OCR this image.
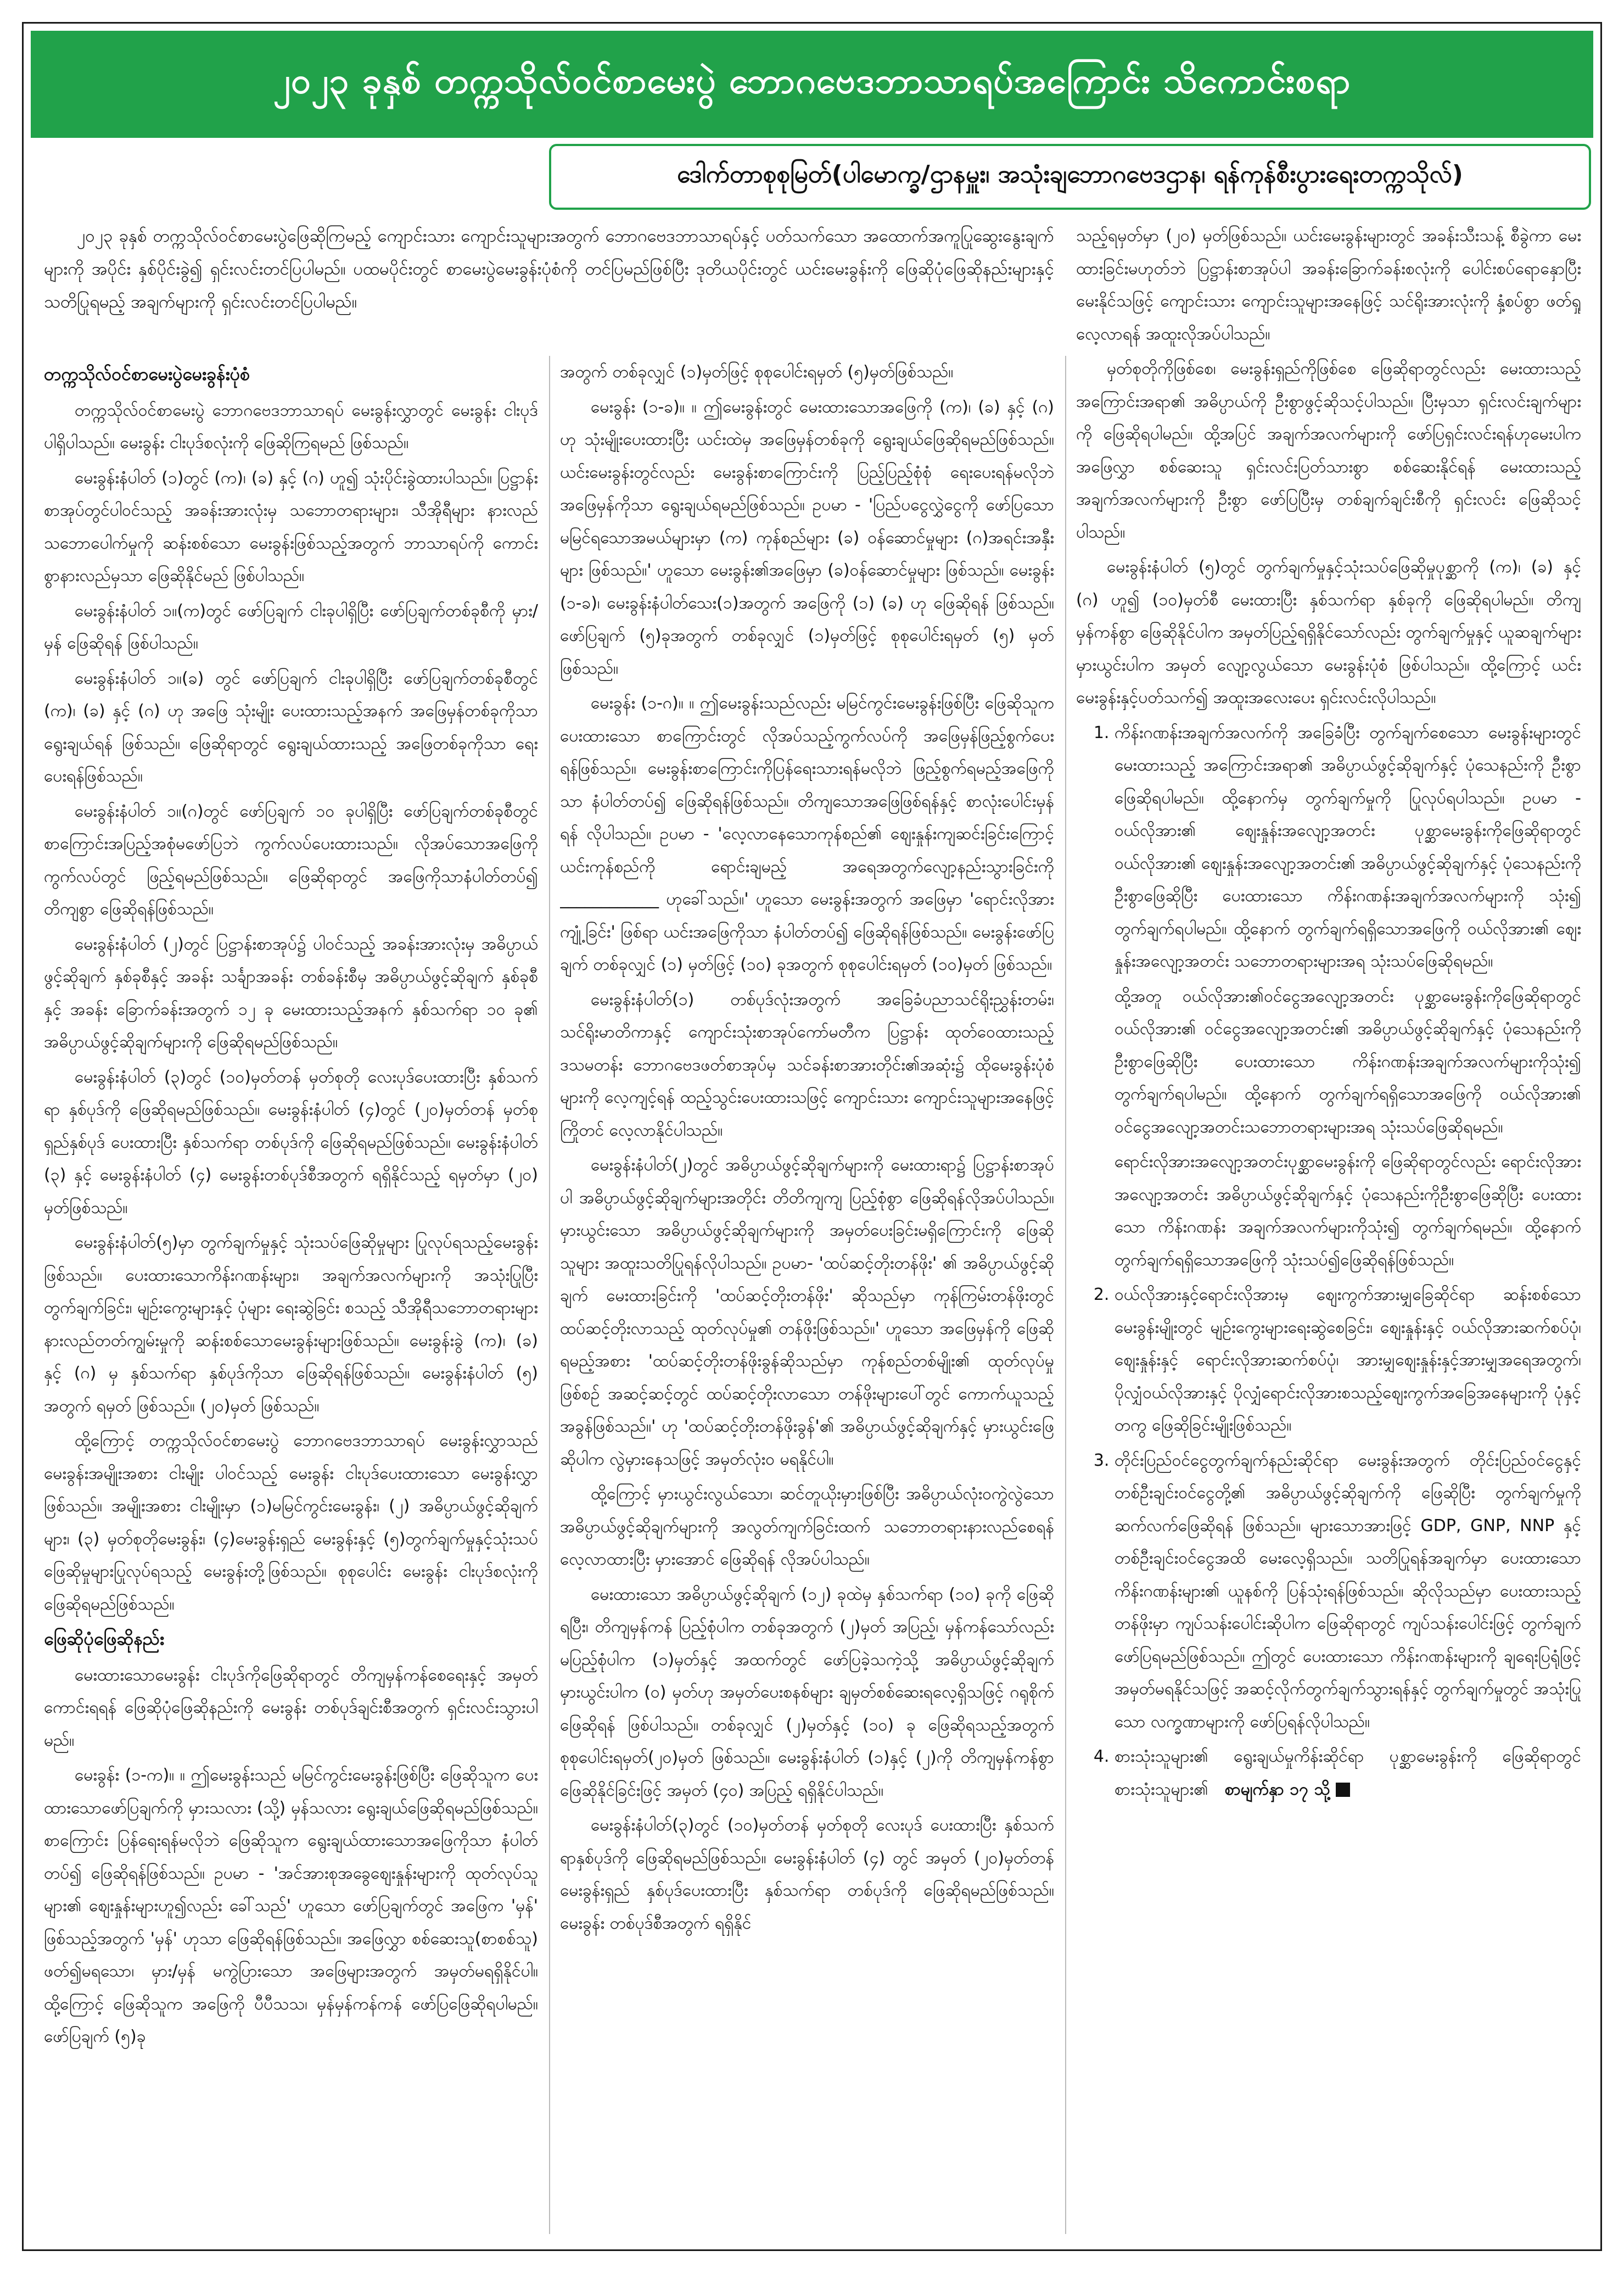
၂၀၂၃ ခုနှစ် တက္ကသိုလ်ဝင်စာမေးပွဲ ဘောဂဗေဒဘာသာရပ်အကြောင်း သိကောင်းစရာ
ဒေါက်တာစုစုမြတ်(ပါမောက္ခ/ဌာနမှူး၊ အသုံးချဘောဂဗေဒဌာန၊ ရန်ကုန်စီးပွားရေးတက္ကသိုလ်)
၂၀၂၃ ခုနှစ် တက္ကသိုလ်ဝင်စာမေးပွဲဖြေဆိုကြမည့် ကျောင်းသား ကျောင်းသူများအတွက် ဘောဂဗေဒဘာသာရပ်နှင့် ပတ်သက်သော အထောက်အကူပြုဆွေးနွေးချက်များကို အပိုင်း နှစ်ပိုင်းခွဲ၍ ရှင်းလင်းတင်ပြပါမည်။ ပထမပိုင်းတွင် စာမေးပွဲမေးခွန်းပုံစံကို တင်ပြမည်ဖြစ်ပြီး ဒုတိယပိုင်းတွင် ယင်းမေးခွန်းကို ဖြေဆိုပုံဖြေဆိုနည်းများနှင့် သတိပြုရမည့် အချက်များကို ရှင်းလင်းတင်ပြပါမည်။
တက္ကသိုလ်ဝင်စာမေးပွဲမေးခွန်းပုံစံ

တက္ကသိုလ်ဝင်စာမေးပွဲ ဘောဂဗေဒဘာသာရပ် မေးခွန်းလွှာတွင် မေးခွန်း ငါးပုဒ် ပါရှိပါသည်။ မေးခွန်း ငါးပုဒ်စလုံးကို ဖြေဆိုကြရမည် ဖြစ်သည်။

မေးခွန်းနံပါတ် (၁)တွင် (က)၊ (ခ) နှင့် (ဂ) ဟူ၍ သုံးပိုင်းခွဲထားပါသည်။ ပြဋ္ဌာန်းစာအုပ်တွင်ပါဝင်သည့် အခန်းအားလုံးမှ သဘောတရားများ၊ သီအိုရီများ နားလည်သဘောပေါက်မှုကို ဆန်းစစ်သော မေးခွန်းဖြစ်သည့်အတွက် ဘာသာရပ်ကို ကောင်းစွာနားလည်မှသာ ဖြေဆိုနိုင်မည် ဖြစ်ပါသည်။

မေးခွန်းနံပါတ် ၁။(က)တွင် ဖော်ပြချက် ငါးခုပါရှိပြီး ဖော်ပြချက်တစ်ခုစီကို မှား/မှန် ဖြေဆိုရန် ဖြစ်ပါသည်။

မေးခွန်းနံပါတ် ၁။(ခ) တွင် ဖော်ပြချက် ငါးခုပါရှိပြီး ဖော်ပြချက်တစ်ခုစီတွင် (က)၊ (ခ) နှင့် (ဂ) ဟု အဖြေ သုံးမျိုး ပေးထားသည့်အနက် အဖြေမှန်တစ်ခုကိုသာ ရွေးချယ်ရန် ဖြစ်သည်။ ဖြေဆိုရာတွင် ရွေးချယ်ထားသည့် အဖြေတစ်ခုကိုသာ ရေးပေးရန်ဖြစ်သည်။

မေးခွန်းနံပါတ် ၁။(ဂ)တွင် ဖော်ပြချက် ၁၀ ခုပါရှိပြီး ဖော်ပြချက်တစ်ခုစီတွင် စာကြောင်းအပြည့်အစုံမဖော်ပြဘဲ ကွက်လပ်ပေးထားသည်။ လိုအပ်သောအဖြေကို ကွက်လပ်တွင် ဖြည့်ရမည်ဖြစ်သည်။ ဖြေဆိုရာတွင် အဖြေကိုသာနံပါတ်တပ်၍ တိကျစွာ ဖြေဆိုရန်ဖြစ်သည်။

မေးခွန်းနံပါတ် (၂)တွင် ပြဋ္ဌာန်းစာအုပ်၌ ပါဝင်သည့် အခန်းအားလုံးမှ အဓိပ္ပာယ်ဖွင့်ဆိုချက် နှစ်ခုစီနှင့် အခန်း သင်္ချာအခန်း တစ်ခန်းစီမှ အဓိပ္ပာယ်ဖွင့်ဆိုချက် နှစ်ခုစီနှင့် အခန်း ခြောက်ခန်းအတွက် ၁၂ ခု မေးထားသည့်အနက် နှစ်သက်ရာ ၁၀ ခု၏ အဓိပ္ပာယ်ဖွင့်ဆိုချက်များကို ဖြေဆိုရမည်ဖြစ်သည်။

မေးခွန်းနံပါတ် (၃)တွင် (၁၀)မှတ်တန် မှတ်စုတို လေးပုဒ်ပေးထားပြီး နှစ်သက်ရာ နှစ်ပုဒ်ကို ဖြေဆိုရမည်ဖြစ်သည်။ မေးခွန်းနံပါတ် (၄)တွင် (၂၀)မှတ်တန် မှတ်စုရှည်နှစ်ပုဒ် ပေးထားပြီး နှစ်သက်ရာ တစ်ပုဒ်ကို ဖြေဆိုရမည်ဖြစ်သည်။ မေးခွန်းနံပါတ် (၃) နှင့် မေးခွန်းနံပါတ် (၄) မေးခွန်းတစ်ပုဒ်စီအတွက် ရရှိနိုင်သည့် ရမှတ်မှာ (၂၀) မှတ်ဖြစ်သည်။

မေးခွန်းနံပါတ်(၅)မှာ တွက်ချက်မှုနှင့် သုံးသပ်ဖြေဆိုမှုများ ပြုလုပ်ရသည့်မေးခွန်းဖြစ်သည်။ ပေးထားသောကိန်းဂဏန်းများ၊ အချက်အလက်များကို အသုံးပြုပြီး တွက်ချက်ခြင်း၊ မျဉ်းကွေးများနှင့် ပုံများ ရေးဆွဲခြင်း စသည့် သီအိုရီသဘောတရားများ နားလည်တတ်ကျွမ်းမှုကို ဆန်းစစ်သောမေးခွန်းများဖြစ်သည်။ မေးခွန်းခွဲ (က)၊ (ခ) နှင့် (ဂ) မှ နှစ်သက်ရာ နှစ်ပုဒ်ကိုသာ ဖြေဆိုရန်ဖြစ်သည်။ မေးခွန်းနံပါတ် (၅) အတွက် ရမှတ် ဖြစ်သည်။ (၂၀)မှတ် ဖြစ်သည်။

ထို့ကြောင့် တက္ကသိုလ်ဝင်စာမေးပွဲ ဘောဂဗေဒဘာသာရပ် မေးခွန်းလွှာသည် မေးခွန်းအမျိုးအစား ငါးမျိုး ပါဝင်သည့် မေးခွန်း ငါးပုဒ်ပေးထားသော မေးခွန်းလွှာဖြစ်သည်။ အမျိုးအစား ငါးမျိုးမှာ (၁)မမြင်ကွင်းမေးခွန်း၊ (၂) အဓိပ္ပာယ်ဖွင့်ဆိုချက်များ၊ (၃) မှတ်စုတိုမေးခွန်း၊ (၄)မေးခွန်းရှည် မေးခွန်းနှင့် (၅)တွက်ချက်မှုနှင့်သုံးသပ်ဖြေဆိုမှုများပြုလုပ်ရသည့် မေးခွန်းတို့ဖြစ်သည်။ စုစုပေါင်း မေးခွန်း ငါးပုဒ်စလုံးကို ဖြေဆိုရမည်ဖြစ်သည်။

ဖြေဆိုပုံဖြေဆိုနည်း

မေးထားသောမေးခွန်း ငါးပုဒ်ကိုဖြေဆိုရာတွင် တိကျမှန်ကန်စေရေးနှင့် အမှတ်ကောင်းရရန် ဖြေဆိုပုံဖြေဆိုနည်းကို မေးခွန်း တစ်ပုဒ်ချင်းစီအတွက် ရှင်းလင်းသွားပါမည်။

မေးခွန်း (၁-က)။ ။ ဤမေးခွန်းသည် မမြင်ကွင်းမေးခွန်းဖြစ်ပြီး ဖြေဆိုသူက ပေးထားသောဖော်ပြချက်ကို မှားသလား (သို့) မှန်သလား ရွေးချယ်ဖြေဆိုရမည်ဖြစ်သည်။ စာကြောင်း ပြန်ရေးရန်မလိုဘဲ ဖြေဆိုသူက ရွေးချယ်ထားသောအဖြေကိုသာ နံပါတ်တပ်၍ ဖြေဆိုရန်ဖြစ်သည်။ ဥပမာ - 'အင်အားစုအခွေစျေးနှုန်းများကို ထုတ်လုပ်သူများ၏ စျေးနှုန်းများဟူ၍လည်း ခေါ်သည်' ဟူသော ဖော်ပြချက်တွင် အဖြေက 'မှန်' ဖြစ်သည့်အတွက် 'မှန်' ဟုသာ ဖြေဆိုရန်ဖြစ်သည်။ အဖြေလွှာ စစ်ဆေးသူ(စာစစ်သူ) ဖတ်၍မရသော၊ မှား/မှန် မကွဲပြားသော အဖြေများအတွက် အမှတ်မရရှိနိုင်ပါ။ ထို့ကြောင့် ဖြေဆိုသူက အဖြေကို ပီပီသသ၊ မှန်မှန်ကန်ကန် ဖော်ပြဖြေဆိုရပါမည်။ ဖော်ပြချက် (၅)ခု

အတွက် တစ်ခုလျှင် (၁)မှတ်ဖြင့် စုစုပေါင်းရမှတ် (၅)မှတ်ဖြစ်သည်။

မေးခွန်း (၁-ခ)။ ။ ဤမေးခွန်းတွင် မေးထားသောအဖြေကို (က)၊ (ခ) နှင့် (ဂ) ဟု သုံးမျိုးပေးထားပြီး ယင်းထဲမှ အဖြေမှန်တစ်ခုကို ရွေးချယ်ဖြေဆိုရမည်ဖြစ်သည်။ ယင်းမေးခွန်းတွင်လည်း မေးခွန်းစာကြောင်းကို ပြည့်ပြည့်စုံစုံ ရေးပေးရန်မလိုဘဲ အဖြေမှန်ကိုသာ ရွေးချယ်ရမည်ဖြစ်သည်။ ဥပမာ - 'ပြည်ပငွေလွှဲငွေကို ဖော်ပြသော မမြင်ရသောအမယ်များမှာ (က) ကုန်စည်များ (ခ) ဝန်ဆောင်မှုများ (ဂ)အရင်းအနှီးများ ဖြစ်သည်။' ဟူသော မေးခွန်း၏အဖြေမှာ (ခ)ဝန်ဆောင်မှုများ ဖြစ်သည်။ မေးခွန်း (၁-ခ)၊ မေးခွန်းနံပါတ်သေး(၁)အတွက် အဖြေကို (၁) (ခ) ဟု ဖြေဆိုရန် ဖြစ်သည်။ ဖော်ပြချက် (၅)ခုအတွက် တစ်ခုလျှင် (၁)မှတ်ဖြင့် စုစုပေါင်းရမှတ် (၅) မှတ် ဖြစ်သည်။

မေးခွန်း (၁-ဂ)။ ။ ဤမေးခွန်းသည်လည်း မမြင်ကွင်းမေးခွန်းဖြစ်ပြီး ဖြေဆိုသူက ပေးထားသော စာကြောင်းတွင် လိုအပ်သည့်ကွက်လပ်ကို အဖြေမှန်ဖြည့်စွက်ပေးရန်ဖြစ်သည်။ မေးခွန်းစာကြောင်းကိုပြန်ရေးသားရန်မလိုဘဲ ဖြည့်စွက်ရမည့်အဖြေကိုသာ နံပါတ်တပ်၍ ဖြေဆိုရန်ဖြစ်သည်။ တိကျသောအဖြေဖြစ်ရန်နှင့် စာလုံးပေါင်းမှန်ရန် လိုပါသည်။ ဥပမာ - 'လေ့လာနေသောကုန်စည်၏ စျေးနှုန်းကျဆင်းခြင်းကြောင့် ယင်းကုန်စည်ကို ရောင်းချမည့် အရေအတွက်လျော့နည်းသွားခြင်းကို ____________ ဟုခေါ်သည်။' ဟူသော မေးခွန်းအတွက် အဖြေမှာ 'ရောင်းလိုအားကျုံ့ခြင်း' ဖြစ်ရာ ယင်းအဖြေကိုသာ နံပါတ်တပ်၍ ဖြေဆိုရန်ဖြစ်သည်။ မေးခွန်းဖော်ပြချက် တစ်ခုလျှင် (၁) မှတ်ဖြင့် (၁၀) ခုအတွက် စုစုပေါင်းရမှတ် (၁၀)မှတ် ဖြစ်သည်။

မေးခွန်းနံပါတ်(၁) တစ်ပုဒ်လုံးအတွက် အခြေခံပညာသင်ရိုးညွှန်းတမ်း၊ သင်ရိုးမာတိကာနှင့် ကျောင်းသုံးစာအုပ်ကော်မတီက ပြဋ္ဌာန်း ထုတ်ဝေထားသည့် ဒသမတန်း ဘောဂဗေဒဖတ်စာအုပ်မှ သင်ခန်းစာအားတိုင်း၏အဆုံး၌ ထိုမေးခွန်းပုံစံများကို လေ့ကျင့်ရန် ထည့်သွင်းပေးထားသဖြင့် ကျောင်းသား ကျောင်းသူများအနေဖြင့် ကြိုတင် လေ့လာနိုင်ပါသည်။

မေးခွန်းနံပါတ်(၂)တွင် အဓိပ္ပာယ်ဖွင့်ဆိုချက်များကို မေးထားရာ၌ ပြဋ္ဌာန်းစာအုပ်ပါ အဓိပ္ပာယ်ဖွင့်ဆိုချက်များအတိုင်း တိတိကျကျ ပြည့်စုံစွာ ဖြေဆိုရန်လိုအပ်ပါသည်။ မှားယွင်းသော အဓိပ္ပာယ်ဖွင့်ဆိုချက်များကို အမှတ်ပေးခြင်းမရှိကြောင်းကို ဖြေဆိုသူများ အထူးသတိပြုရန်လိုပါသည်။ ဥပမာ- 'ထပ်ဆင့်တိုးတန်ဖိုး' ၏ အဓိပ္ပာယ်ဖွင့်ဆိုချက် မေးထားခြင်းကို 'ထပ်ဆင့်တိုးတန်ဖိုး' ဆိုသည်မှာ ကုန်ကြမ်းတန်ဖိုးတွင် ထပ်ဆင့်တိုးလာသည့် ထုတ်လုပ်မှု၏ တန်ဖိုးဖြစ်သည်။' ဟူသော အဖြေမှန်ကို ဖြေဆိုရမည့်အစား 'ထပ်ဆင့်တိုးတန်ဖိုးခွန်ဆိုသည်မှာ ကုန်စည်တစ်မျိုး၏ ထုတ်လုပ်မှုဖြစ်စဉ် အဆင့်ဆင့်တွင် ထပ်ဆင့်တိုးလာသော တန်ဖိုးများပေါ်တွင် ကောက်ယူသည့် အခွန်ဖြစ်သည်။' ဟု 'ထပ်ဆင့်တိုးတန်ဖိုးခွန်'၏ အဓိပ္ပာယ်ဖွင့်ဆိုချက်နှင့် မှားယွင်းဖြေဆိုပါက လွဲမှားနေသဖြင့် အမှတ်လုံးဝ မရနိုင်ပါ။

ထို့ကြောင့် မှားယွင်းလွယ်သော၊ ဆင်တူယိုးမှားဖြစ်ပြီး အဓိပ္ပာယ်လုံးဝကွဲလွဲသော အဓိပ္ပာယ်ဖွင့်ဆိုချက်များကို အလွတ်ကျက်ခြင်းထက် သဘောတရားနားလည်စေရန် လေ့လာထားပြီး မှားအောင် ဖြေဆိုရန် လိုအပ်ပါသည်။

မေးထားသော အဓိပ္ပာယ်ဖွင့်ဆိုချက် (၁၂) ခုထဲမှ နှစ်သက်ရာ (၁၀) ခုကို ဖြေဆိုရပြီး၊ တိကျမှန်ကန် ပြည့်စုံပါက တစ်ခုအတွက် (၂)မှတ် အပြည့်၊ မှန်ကန်သော်လည်း မပြည့်စုံပါက (၁)မှတ်နှင့် အထက်တွင် ဖော်ပြခဲ့သကဲ့သို့ အဓိပ္ပာယ်ဖွင့်ဆိုချက် မှားယွင်းပါက (၀) မှတ်ဟု အမှတ်ပေးစနစ်များ ချမှတ်စစ်ဆေးရလေ့ရှိသဖြင့် ဂရုစိုက်ဖြေဆိုရန် ဖြစ်ပါသည်။ တစ်ခုလျှင် (၂)မှတ်နှင့် (၁၀) ခု ဖြေဆိုရသည့်အတွက် စုစုပေါင်းရမှတ်(၂၀)မှတ် ဖြစ်သည်။ မေးခွန်းနံပါတ် (၁)နှင့် (၂)ကို တိကျမှန်ကန်စွာ ဖြေဆိုနိုင်ခြင်းဖြင့် အမှတ် (၄၀) အပြည့် ရရှိနိုင်ပါသည်။

မေးခွန်းနံပါတ်(၃)တွင် (၁၀)မှတ်တန် မှတ်စုတို လေးပုဒ် ပေးထားပြီး နှစ်သက်ရာနှစ်ပုဒ်ကို ဖြေဆိုရမည်ဖြစ်သည်။ မေးခွန်းနံပါတ် (၄) တွင် အမှတ် (၂၀)မှတ်တန် မေးခွန်းရှည် နှစ်ပုဒ်ပေးထားပြီး နှစ်သက်ရာ တစ်ပုဒ်ကို ဖြေဆိုရမည်ဖြစ်သည်။ မေးခွန်း တစ်ပုဒ်စီအတွက် ရရှိနိုင်

သည့်ရမှတ်မှာ (၂၀) မှတ်ဖြစ်သည်။ ယင်းမေးခွန်းများတွင် အခန်းသီးသန့် စီခွဲကာ မေးထားခြင်းမဟုတ်ဘဲ ပြဋ္ဌာန်းစာအုပ်ပါ အခန်းခြောက်ခန်းစလုံးကို ပေါင်းစပ်ရောနှောပြီး မေးနိုင်သဖြင့် ကျောင်းသား ကျောင်းသူများအနေဖြင့် သင်ရိုးအားလုံးကို နှံ့စပ်စွာ ဖတ်ရှုလေ့လာရန် အထူးလိုအပ်ပါသည်။

မှတ်စုတိုကိုဖြစ်စေ၊ မေးခွန်းရှည်ကိုဖြစ်စေ ဖြေဆိုရာတွင်လည်း မေးထားသည့် အကြောင်းအရာ၏ အဓိပ္ပာယ်ကို ဦးစွာဖွင့်ဆိုသင့်ပါသည်။ ပြီးမှသာ ရှင်းလင်းချက်များကို ဖြေဆိုရပါမည်။ ထို့အပြင် အချက်အလက်များကို ဖော်ပြရှင်းလင်းရန်ဟုမေးပါက အဖြေလွှာ စစ်ဆေးသူ ရှင်းလင်းပြတ်သားစွာ စစ်ဆေးနိုင်ရန် မေးထားသည့် အချက်အလက်များကို ဦးစွာ ဖော်ပြပြီးမှ တစ်ချက်ချင်းစီကို ရှင်းလင်း ဖြေဆိုသင့်ပါသည်။

မေးခွန်းနံပါတ် (၅)တွင် တွက်ချက်မှုနှင့်သုံးသပ်ဖြေဆိုမှုပုစ္ဆာကို (က)၊ (ခ) နှင့် (ဂ) ဟူ၍ (၁၀)မှတ်စီ မေးထားပြီး နှစ်သက်ရာ နှစ်ခုကို ဖြေဆိုရပါမည်။ တိကျမှန်ကန်စွာ ဖြေဆိုနိုင်ပါက အမှတ်ပြည့်ရရှိနိုင်သော်လည်း တွက်ချက်မှုနှင့် ယူဆချက်များ မှားယွင်းပါက အမှတ် လျော့လွယ်သော မေးခွန်းပုံစံ ဖြစ်ပါသည်။ ထို့ကြောင့် ယင်းမေးခွန်းနှင့်ပတ်သက်၍ အထူးအလေးပေး ရှင်းလင်းလိုပါသည်။

1. ကိန်းဂဏန်းအချက်အလက်ကို အခြေခံပြီး တွက်ချက်စေသော မေးခွန်းများတွင် မေးထားသည့် အကြောင်းအရာ၏ အဓိပ္ပာယ်ဖွင့်ဆိုချက်နှင့် ပုံသေနည်းကို ဦးစွာဖြေဆိုရပါမည်။ ထို့နောက်မှ တွက်ချက်မှုကို ပြုလုပ်ရပါသည်။ ဥပမာ - ဝယ်လိုအား၏ စျေးနှုန်းအလျော့အတင်း ပုစ္ဆာမေးခွန်းကိုဖြေဆိုရာတွင် ဝယ်လိုအား၏ စျေးနှုန်းအလျော့အတင်း၏ အဓိပ္ပာယ်ဖွင့်ဆိုချက်နှင့် ပုံသေနည်းကို ဦးစွာဖြေဆိုပြီး ပေးထားသော ကိန်းဂဏန်းအချက်အလက်များကို သုံး၍ တွက်ချက်ရပါမည်။ ထို့နောက် တွက်ချက်ရရှိသောအဖြေကို ဝယ်လိုအား၏ စျေးနှုန်းအလျော့အတင်း သဘောတရားများအရ သုံးသပ်ဖြေဆိုရမည်။

ထို့အတူ ဝယ်လိုအား၏ဝင်ငွေအလျော့အတင်း ပုစ္ဆာမေးခွန်းကိုဖြေဆိုရာတွင် ဝယ်လိုအား၏ ဝင်ငွေအလျော့အတင်း၏ အဓိပ္ပာယ်ဖွင့်ဆိုချက်နှင့် ပုံသေနည်းကို ဦးစွာဖြေဆိုပြီး ပေးထားသော ကိန်းဂဏန်းအချက်အလက်များကိုသုံး၍ တွက်ချက်ရပါမည်။ ထို့နောက် တွက်ချက်ရရှိသောအဖြေကို ဝယ်လိုအား၏ ဝင်ငွေအလျော့အတင်းသဘောတရားများအရ သုံးသပ်ဖြေဆိုရမည်။

ရောင်းလိုအားအလျော့အတင်းပုစ္ဆာမေးခွန်းကို ဖြေဆိုရာတွင်လည်း ရောင်းလိုအား အလျော့အတင်း အဓိပ္ပာယ်ဖွင့်ဆိုချက်နှင့် ပုံသေနည်းကိုဦးစွာဖြေဆိုပြီး ပေးထားသော ကိန်းဂဏန်း အချက်အလက်များကိုသုံး၍ တွက်ချက်ရမည်။ ထို့နောက် တွက်ချက်ရရှိသောအဖြေကို သုံးသပ်၍ဖြေဆိုရန်ဖြစ်သည်။

2. ဝယ်လိုအားနှင့်ရောင်းလိုအားမှ စျေးကွက်အားမျှခြေဆိုင်ရာ ဆန်းစစ်သော မေးခွန်းမျိုးတွင် မျဉ်းကွေးများရေးဆွဲစေခြင်း၊ စျေးနှုန်းနှင့် ဝယ်လိုအားဆက်စပ်ပုံ၊ စျေးနှုန်းနှင့် ရောင်းလိုအားဆက်စပ်ပုံ၊ အားမျှစျေးနှုန်းနှင့်အားမျှအရေအတွက်၊ ပိုလျှံဝယ်လိုအားနှင့် ပိုလျှံရောင်းလိုအားစသည့်စျေးကွက်အခြေအနေများကို ပုံနှင့်တကွ ဖြေဆိုခြင်းမျိုးဖြစ်သည်။

3. တိုင်းပြည်ဝင်ငွေတွက်ချက်နည်းဆိုင်ရာ မေးခွန်းအတွက် တိုင်းပြည်ဝင်ငွေနှင့် တစ်ဦးချင်းဝင်ငွေတို့၏ အဓိပ္ပာယ်ဖွင့်ဆိုချက်ကို ဖြေဆိုပြီး တွက်ချက်မှုကို ဆက်လက်ဖြေဆိုရန် ဖြစ်သည်။ များသောအားဖြင့် GDP, GNP, NNP နှင့် တစ်ဦးချင်းဝင်ငွေအထိ မေးလေ့ရှိသည်။ သတိပြုရန်အချက်မှာ ပေးထားသော ကိန်းဂဏန်းများ၏ ယူနစ်ကို ပြန်သုံးရန်ဖြစ်သည်။ ဆိုလိုသည်မှာ ပေးထားသည့်တန်ဖိုးမှာ ကျပ်သန်းပေါင်းဆိုပါက ဖြေဆိုရာတွင် ကျပ်သန်းပေါင်းဖြင့် တွက်ချက်ဖော်ပြရမည်ဖြစ်သည်။ ဤတွင် ပေးထားသော ကိန်းဂဏန်းများကို ချရေးပြရုံဖြင့် အမှတ်မရနိုင်သဖြင့် အဆင့်လိုက်တွက်ချက်သွားရန်နှင့် တွက်ချက်မှုတွင် အသုံးပြုသော လက္ခဏာများကို ဖော်ပြရန်လိုပါသည်။

4. စားသုံးသူများ၏ ရွေးချယ်မှုကိန်းဆိုင်ရာ ပုစ္ဆာမေးခွန်းကို ဖြေဆိုရာတွင် စားသုံးသူများ၏ စာမျက်နှာ ၁၇ သို့
